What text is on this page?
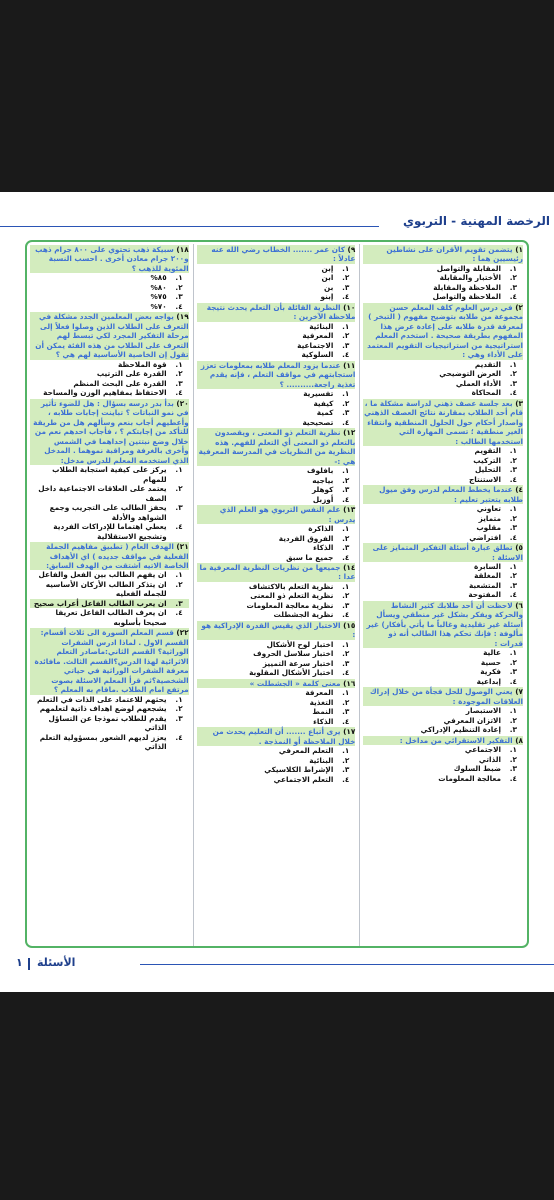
الرخصة المهنية - التربوي
١) يتضمن تقويم الأقران على نشاطين رئيسيين هما :
١.
المقابلة والتواصل
٢.
الأختبار والمقابلة
٣.
الملاحظة والمقابلة
٤.
الملاحظة والتواصل
٢) في درس العلوم كلف المعلم حسن مجموعة من طلابه بتوضيح مفهوم ( التبخر ) لمعرفة قدرة طلابه على إعادة عرض هذا المفهوم بطريقة صحيحة . استخدم المعلم استراتيجية من استراتيجيات التقويم المعتمد على الأداء وهي :
١.
التقديم
٢.
العرض التوضيحي
٣.
الأداء العملي
٤.
المحاكاة
٣) بعد جلسة عصف ذهني لدراسة مشكلة ما ، قام أحد الطلاب بمقارنة نتائج العصف الذهني واصدار أحكام حول الحلول المنطقية وانتقاء الغير منطقية ؛ تسمى المهارة التي استخدمها الطالب :
١.
التقويم
٢.
التركيب
٣.
التحليل
٤.
الاستنتاج
٤) عندما يخطط المعلم لدرس وفق ميول طلابه يتعتبر تعليم :
١.
تعاوني
٢.
متمايز
٣.
مقلوب
٤.
افتراضي
٥) تطلق عبارة أسئلة التفكير المتمايز على الاسئلة :
١.
السابرة
٢.
المغلقة
٣.
المتشعبة
٤.
المفتوحة
٦) لاحظت أن أحد طلابك كثير النشاط والحركة ويفكر بشكل غير منطقي ويسأل أسئلة غير تقليدية وغالباً ما يأتي بأفكار) غير مألوفة : فإنك تحكم هذا الطالب أنه ذو قدرات :
١.
عالية
٢.
حسية
٣.
فكرية
٤.
إبداعية
٧) يعني الوصول للحل فجأة من خلال إدراك العلاقات الموجودة :
١.
الاستبصار
٢.
الاتزان المعرفي
٣.
إعادة التنظيم الإدراكي
٨) التفكير الاستقرائي من مداخل :
١.
الاجتماعي
٢.
الذاتي
٣.
ضبط السلوك
٤.
معالجة المعلومات
٩) كان عمر ....... الخطاب رضي الله عنه عادلاً :
١.
إبن
٢.
ابن
٣.
بن
٤.
إبنو
١٠) النظرية القائلة بأن التعلم يحدث نتيجة ملاحظة الآخرين :
١.
البنائية
٢.
المعرفية
٣.
الاجتماعية
٤.
السلوكية
١١) عندما يزود المعلم طلابه بمعلومات تعزز استجابتهم في مواقف التعلم ، فإنه يقدم تغذية راجعة.......... ؟
١.
تفسيرية
٢.
كيفية
٣.
كمية
٤.
تصحيحية
١٢) نظرية التعلم ذو المعنى ، ويقصدون بالتعلم ذو المعنى أي التعلم للفهم. هذه النظرية من النظريات في المدرسة المعرفية هي :-
١.
بافلوف
٢.
بياجيه
٣.
كوهلر
٤.
أوزبل
١٣) علم النفس التربوي هو العلم الذي يدرس :
١.
الذاكرة
٢.
الفروق الفردية
٣.
الذكاء
٤.
جميع ما سبق
١٤) جميعها من نظريات النظرية المعرفية ما عدا :
١.
نظرية التعلم بالاكتشاف
٢.
نظرية التعلم ذو المعنى
٣.
نظرية معالجة المعلومات
٤.
نظرية الجشطلت
١٥) الاختبار الذي يقيس القدرة الإدراكية هو :
١.
اختبار لوح الأشكال
٢.
اختبار سلاسل الحروف
٣.
اختبار سرعة التمييز
٤.
اختبار الأشكال المقلوبة
١٦) معنى كلمة « الجشطلت »
١.
المعرفة
٢.
التغذية
٣.
النمط
٤.
الذكاء
١٧) يرى أتباع ....... أن التعليم يحدث من خلال الملاحظة أو النمذجة .
١.
التعلم المعرفي
٢.
البنائية
٣.
الإشراط الكلاسيكي
٤.
التعلم الاجتماعي
١٨) سبيكة ذهب تحتوي على ٨٠٠ جرام ذهب و٢٠٠ جرام معادن أخرى . احسب النسبة المئوية للذهب ؟
١.
٨٥%
٢.
٨٠%
٣.
٧٥%
٤.
٧٠%
١٩) يواجه بعض المعلمين الجدد مشكلة في التعرف على الطلاب الذين وصلوا فعلاً إلى مرحلة التفكير المجرد لكي تبسط لهم التعرف على الطلاب من هذه الفئة يمكن أن تقول إن الخاصية الأساسية لهم هي ؟
١.
قوة الملاحظة
٢.
القدرة على الترتيب
٣.
القدرة على البحث المنظم
٤.
الاحتفاظ بمفاهيم الوزن والمساحة
٢٠) بدأ بدر درسه بسؤال : هل للضوء تأثير في نمو النباتات ؟ تباينت إجابات طلابه ، وأعطيهم أجاب بنعم وسألهم هل من طريقة للتأكد من إجابتكم ؟ ، فأجاب احدهم نعم من خلال وضع نبتتين إحداهما في الشمس وأخرى بالغرفة ومراقبة نموهما . المدخل الذي استخدمه المعلم للدرس مدخل:
١.
يركز على كيفية استجابة الطلاب للمهام
٢.
يعتمد على العلاقات الاجتماعية داخل الصف
٣.
يحفز الطالب على التجريب وجمع الشواهد والأدلة
٤.
يعطي اهتماما للإدراكات الفردية وتشجيع الاستقلالية
٢١) الهدف العام ( تطبيق مفاهيم الجملة الفعلية في مواقف جديده ) اي الأهداف الخاصة الاتيه اشتقت من الهدف السابق:
١.
ان يفهم الطالب بين الفعل والفاعل
٢.
ان يتذكر الطالب الأركان الأساسيه للجمله الفعليه
٣.
ان يعرب الطالب الفاعل أعراب صحيح
٤.
ان يعرف الطالب الفاعل تعريفا صحيحا بأسلوبه
٢٢) قسم المعلم السورة الى ثلاث أقسام: القسم الاول . لماذا ادرس الشفرات الوراثية؟ القسم الثاني:ماصادر التعلم الاثرائية لهذا الدرس؟القسم الثالث. مافائدة معرفة الشفرات الوراثية في حياتي الشخصية؟ثم قرأ المعلم الاسئلة بصوت مرتفع امام الطلاب .ماقام به المعلم ؟
١.
يحثهم للاعتماد على الذات في التعلم
٢.
يشجعهم لوضع اهداف ذاتية لتعلمهم
٣.
يقدم للطلاب نموذجا عن التساؤل الذاتي
٤.
يعزز لديهم الشعور بمسؤولية التعلم الذاتي
الأسئلة
١
